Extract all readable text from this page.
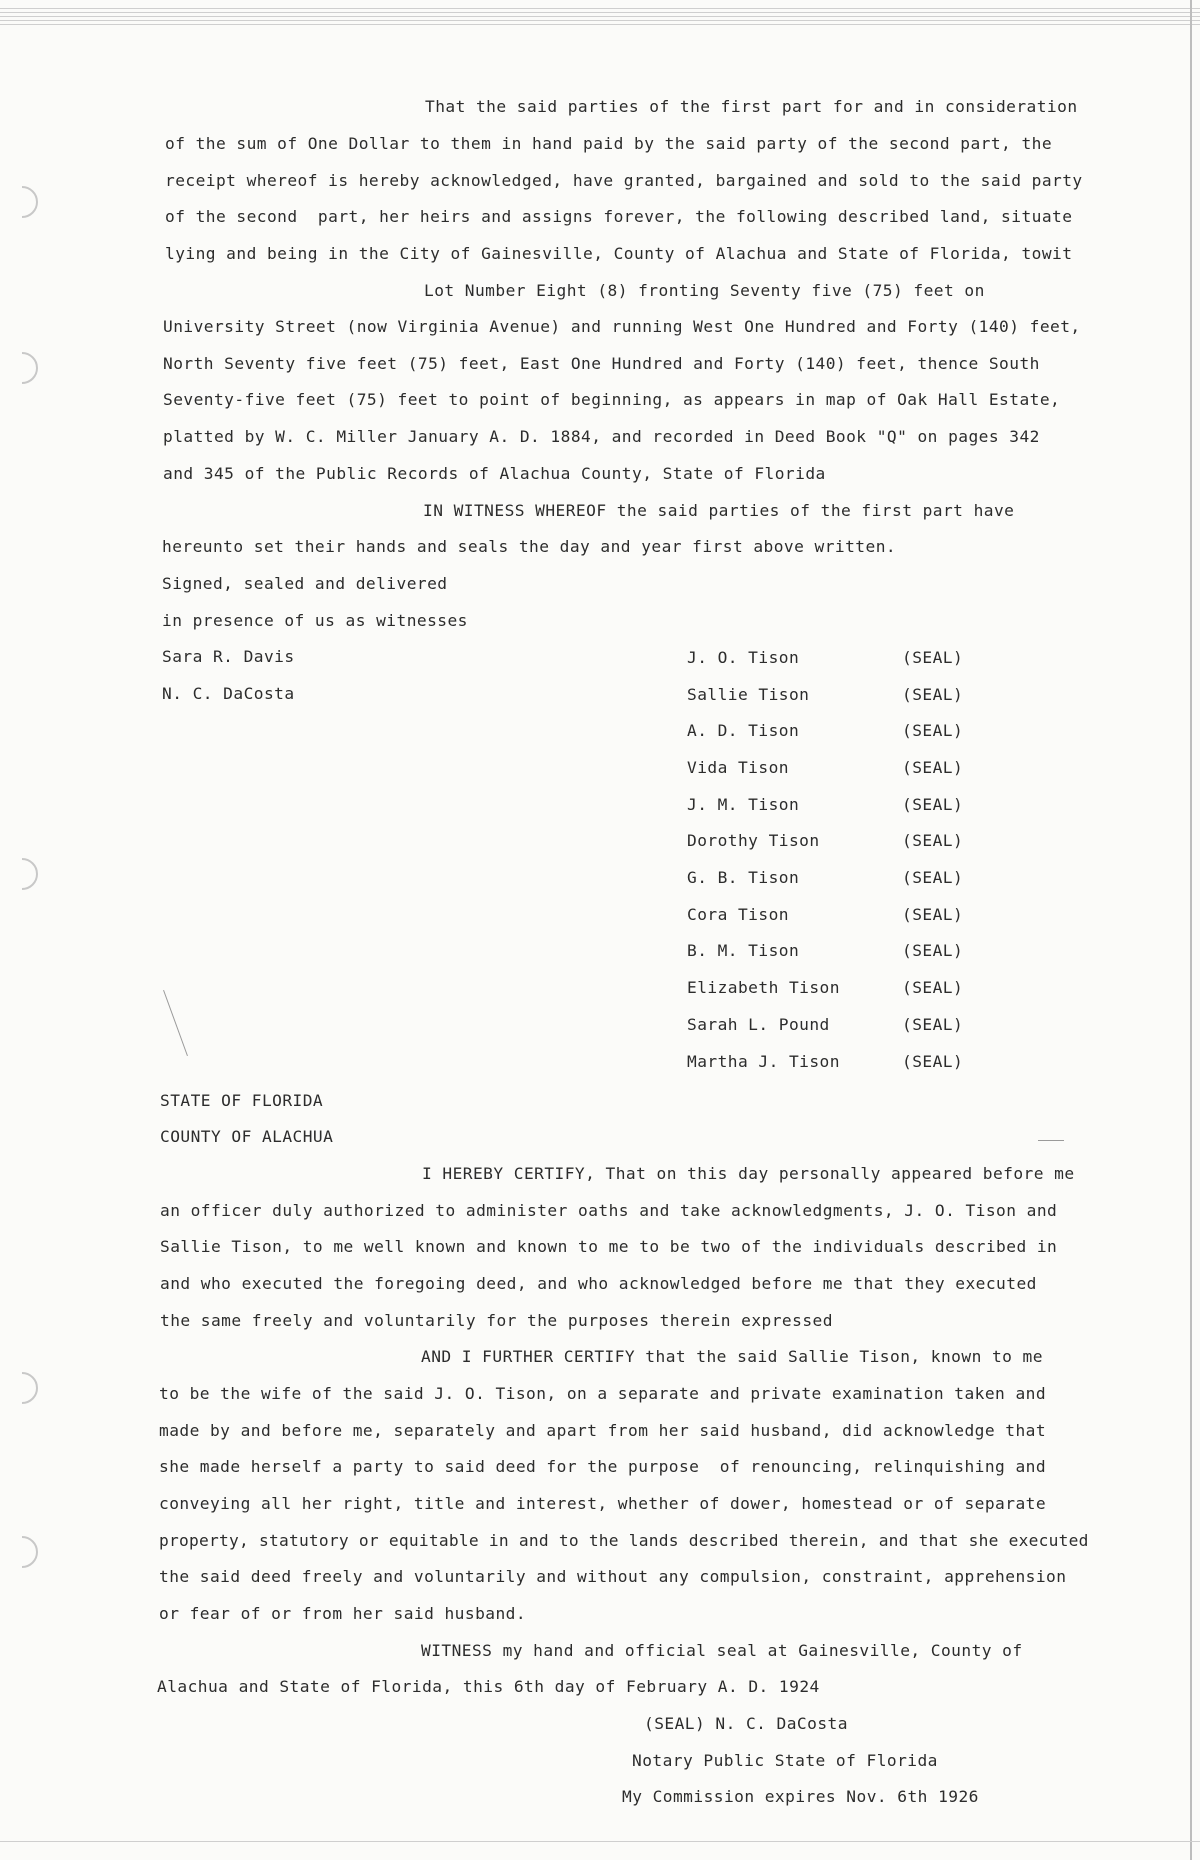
That the said parties of the first part for and in consideration

of the sum of One Dollar to them in hand paid by the said party of the second part, the

receipt whereof is hereby acknowledged, have granted, bargained and sold to the said party

of the second  part, her heirs and assigns forever, the following described land, situate

lying and being in the City of Gainesville, County of Alachua and State of Florida, towit

Lot Number Eight (8) fronting Seventy five (75) feet on

University Street (now Virginia Avenue) and running West One Hundred and Forty (140) feet,

North Seventy five feet (75) feet, East One Hundred and Forty (140) feet, thence South

Seventy-five feet (75) feet to point of beginning, as appears in map of Oak Hall Estate,

platted by W. C. Miller January A. D. 1884, and recorded in Deed Book "Q" on pages 342

and 345 of the Public Records of Alachua County, State of Florida

IN WITNESS WHEREOF the said parties of the first part have

hereunto set their hands and seals the day and year first above written.

Signed, sealed and delivered

in presence of us as witnesses

Sara R. Davis

N. C. DaCosta

J. O. Tison	(SEAL)

Sallie Tison	(SEAL)

A. D. Tison	(SEAL)

Vida Tison	(SEAL)

J. M. Tison	(SEAL)

Dorothy Tison	(SEAL)

G. B. Tison	(SEAL)

Cora Tison	(SEAL)

B. M. Tison	(SEAL)

Elizabeth Tison	(SEAL)

Sarah L. Pound	(SEAL)

Martha J. Tison	(SEAL)

STATE OF FLORIDA

COUNTY OF ALACHUA

I HEREBY CERTIFY, That on this day personally appeared before me

an officer duly authorized to administer oaths and take acknowledgments, J. O. Tison and

Sallie Tison, to me well known and known to me to be two of the individuals described in

and who executed the foregoing deed, and who acknowledged before me that they executed

the same freely and voluntarily for the purposes therein expressed

AND I FURTHER CERTIFY that the said Sallie Tison, known to me

to be the wife of the said J. O. Tison, on a separate and private examination taken and

made by and before me, separately and apart from her said husband, did acknowledge that

she made herself a party to said deed for the purpose  of renouncing, relinquishing and

conveying all her right, title and interest, whether of dower, homestead or of separate

property, statutory or equitable in and to the lands described therein, and that she executed

the said deed freely and voluntarily and without any compulsion, constraint, apprehension

or fear of or from her said husband.

WITNESS my hand and official seal at Gainesville, County of

Alachua and State of Florida, this 6th day of February A. D. 1924

(SEAL) N. C. DaCosta

Notary Public State of Florida

My Commission expires Nov. 6th 1926
